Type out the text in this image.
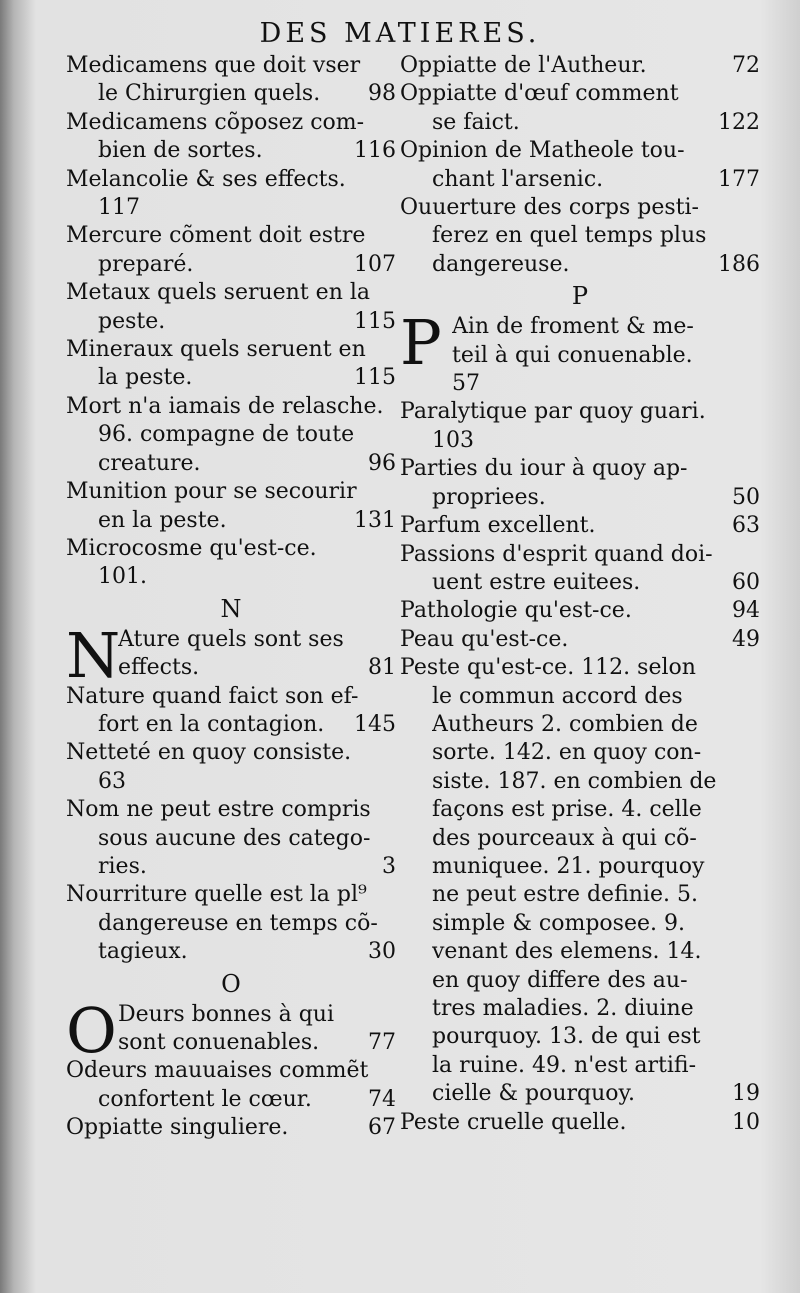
DES MATIERES.
Medicamens que doit vser
le Chirurgien quels.	98
Medicamens cõposez com-
bien de sortes.	116
Melancolie & ses effects.
117
Mercure cõment doit estre
preparé.	107
Metaux quels seruent en la
peste.	115
Mineraux quels seruent en
la peste.	115
Mort n'a iamais de relasche.
96. compagne de toute
creature.	96
Munition pour se secourir
en la peste.	131
Microcosme qu'est-ce.
101.
N
N
Ature quels sont ses
effects.	81
Nature quand faict son ef-
fort en la contagion.	145
Netteté en quoy consiste.
63
Nom ne peut estre compris
sous aucune des catego-
ries.	3
Nourriture quelle est la pl⁹
dangereuse en temps cõ-
tagieux.	30
O
O Deurs bonnes à qui
sont conuenables.	77
Odeurs mauuaises commẽt
confortent le cœur.	74
Oppiatte singuliere.	67
Oppiatte de l'Autheur.	72
Oppiatte d'œuf comment
se faict.	122
Opinion de Matheole tou-
chant l'arsenic.	177
Ouuerture des corps pesti-
ferez en quel temps plus
dangereuse.	186
P
P Ain de froment & me-
teil à qui conuenable.
57
Paralytique par quoy guari.
103
Parties du iour à quoy ap-
propriees.	50
Parfum excellent.	63
Passions d'esprit quand doi-
uent estre euitees.	60
Pathologie qu'est-ce.	94
Peau qu'est-ce.	49
Peste qu'est-ce. 112. selon
le commun accord des
Autheurs 2. combien de
sorte. 142. en quoy con-
siste. 187. en combien de
façons est prise. 4. celle
des pourceaux à qui cõ-
muniquee. 21. pourquoy
ne peut estre definie. 5.
simple & composee. 9.
venant des elemens. 14.
en quoy differe des au-
tres maladies. 2. diuine
pourquoy. 13. de qui est
la ruine. 49. n'est artifi-
cielle & pourquoy.	19
Peste cruelle quelle.	10
